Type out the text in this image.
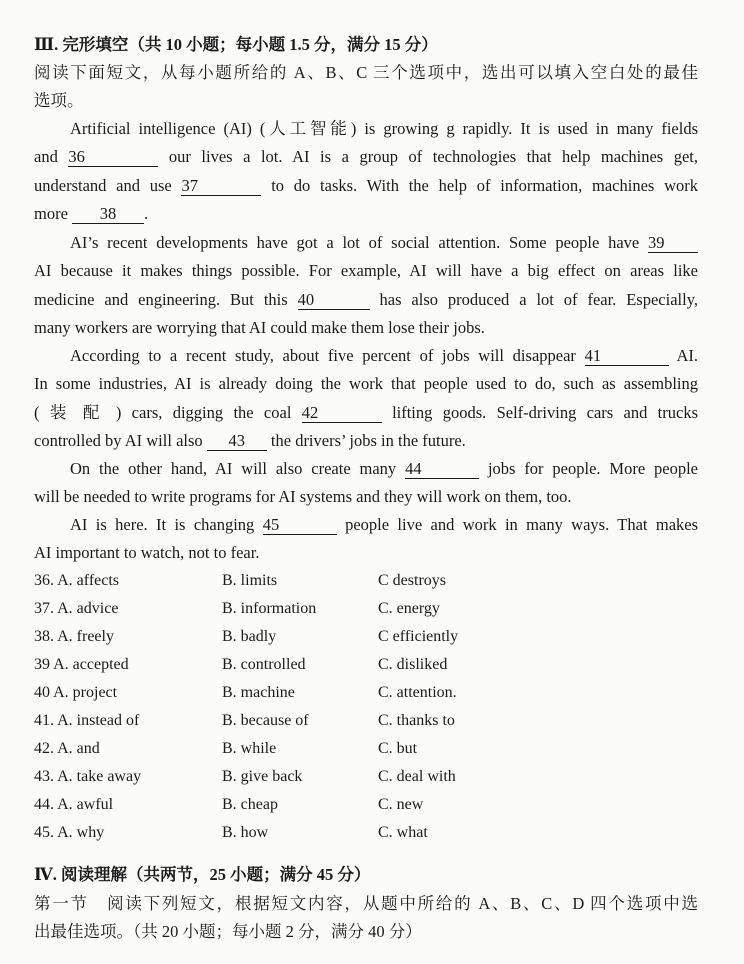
Ⅲ. 完形填空（共 10 小题；每小题 1.5 分，满分 15 分）
阅读下面短文，从每小题所给的 A、B、C 三个选项中，选出可以填入空白处的最佳
选项。
Artificial intelligence (AI) (人工智能) is growing g rapidly. It is used in many fields
and 36	our lives a lot. AI is a group of technologies that help machines get,
understand and use 37	to do tasks. With the help of information, machines work
more 38 .
AI’s recent developments have got a lot of social attention. Some people have 39
AI because it makes things possible. For example, AI will have a big effect on areas like
medicine and engineering. But this 40	has also produced a lot of fear. Especially,
many workers are worrying that AI could make them lose their jobs.
According to a recent study, about five percent of jobs will disappear 41	AI.
In some industries, AI is already doing the work that people used to do, such as assembling
( 装 配 ) cars, digging the coal 42	lifting goods. Self-driving cars and trucks
controlled by AI will also 43 the drivers’ jobs in the future.
On the other hand, AI will also create many 44	jobs for people. More people
will be needed to write programs for AI systems and they will work on them, too.
AI is here. It is changing 45	people live and work in many ways. That makes
AI important to watch, not to fear.
36. A. affects	B. limits	C destroys
37. A. advice	B. information	C. energy
38. A. freely	B. badly	C efficiently
39 A. accepted	B. controlled	C. disliked
40 A. project	B. machine	C. attention.
41. A. instead of	B. because of	C. thanks to
42. A. and	B. while	C. but
43. A. take away	B. give back	C. deal with
44. A. awful	B. cheap	C. new
45. A. why	B. how	C. what
Ⅳ. 阅读理解（共两节，25 小题；满分 45 分）
第一节　阅读下列短文，根据短文内容，从题中所给的 A、B、C、D 四个选项中选
出最佳选项。（共 20 小题；每小题 2 分，满分 40 分）
